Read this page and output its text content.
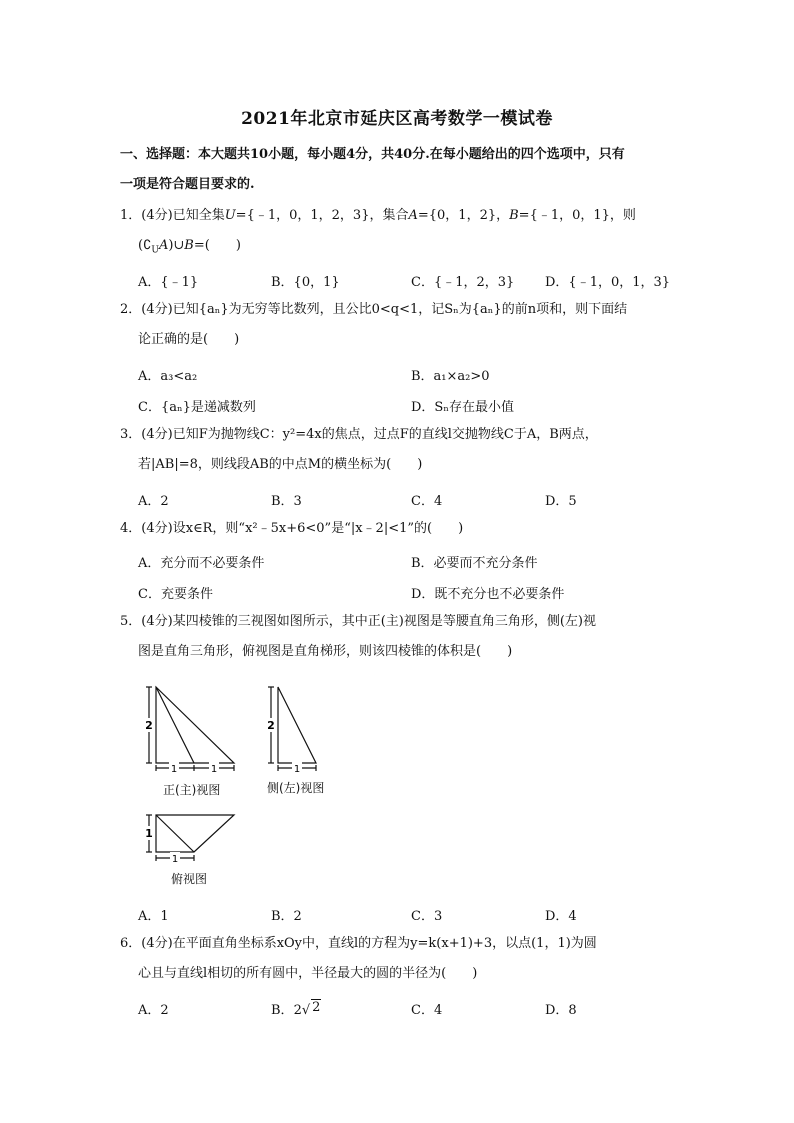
2021年北京市延庆区高考数学一模试卷
一、选择题：本大题共10小题，每小题4分，共40分.在每小题给出的四个选项中，只有
一项是符合题目要求的.
1．(4分)已知全集U={﹣1，0，1，2，3}，集合A={0，1，2}，B={﹣1，0，1}，则
$(∁_UA)\cup B=$(　　)
A．{﹣1}	B．{0，1}	C．{﹣1，2，3} D．{﹣1，0，1，3}
2．(4分)已知{aₙ}为无穷等比数列，且公比0<q<1，记Sₙ为{aₙ}的前n项和，则下面结
论正确的是(　　)
A．a₃<a₂	B．a₁×a₂>0
C．{aₙ}是递减数列	D．Sₙ存在最小值
3．(4分)已知F为抛物线C：y²=4x的焦点，过点F的直线l交抛物线C于A，B两点，
若|AB|=8，则线段AB的中点M的横坐标为(　　)
A．2	B．3	C．4	D．5
4．(4分)设x∈R，则“x²﹣5x+6<0”是“|x﹣2|<1”的(　　)
A．充分而不必要条件	B．必要而不充分条件
C．充要条件	D．既不充分也不必要条件
5．(4分)某四棱锥的三视图如图所示，其中正(主)视图是等腰直角三角形，侧(左)视
图是直角三角形，俯视图是直角梯形，则该四棱锥的体积是(　　)
2
1	1
正(主)视图
2
1
侧(左)视图
1
1
俯视图
A．1	B．2	C．3	D．4
6．(4分)在平面直角坐标系xOy中，直线l的方程为y=k(x+1)+3，以点(1，1)为圆
心且与直线l相切的所有圆中，半径最大的圆的半径为(　　)
A．2	B．2√ 2	C．4	D．8
